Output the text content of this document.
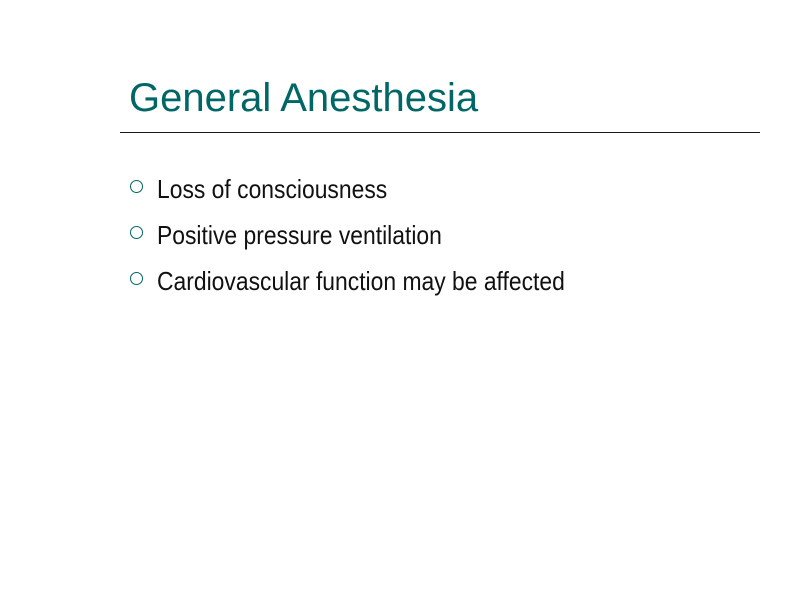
General Anesthesia
Loss of consciousness
Positive pressure ventilation
Cardiovascular function may be affected
